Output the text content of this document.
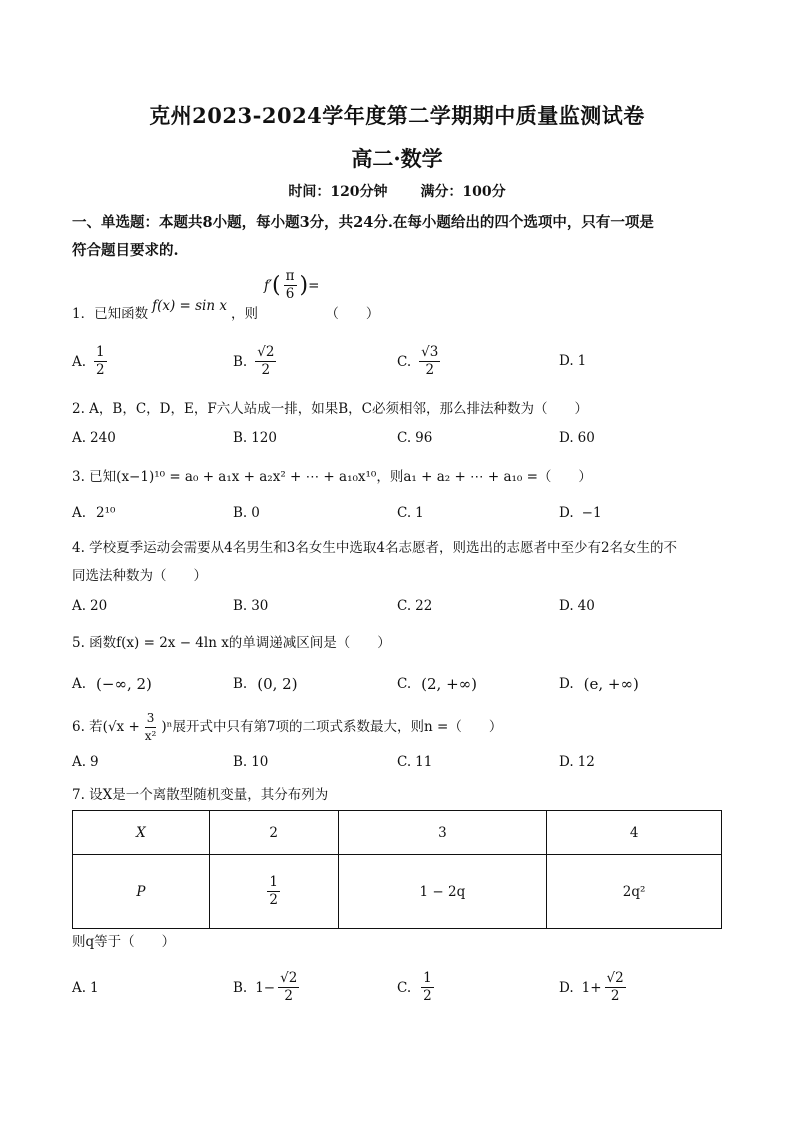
克州2023-2024学年度第二学期期中质量监测试卷
高二·数学
时间：120分钟 满分：100分
一、单选题：本题共8小题，每小题3分，共24分.在每小题给出的四个选项中，只有一项是
符合题目要求的.
1．已知函数 f(x) = sin x ，则
f′ ( $\frac{\pi}{6}$ ) =
（　　）
A. $\frac{1}{2}$	B. $\frac{√2}{2}$	C. $\frac{√3}{2}$	D. 1
2. A，B，C，D，E，F六人站成一排，如果B，C必须相邻，那么排法种数为（　　）
A. 240	B. 120	C. 96	D. 60
3. 已知(x−1)¹⁰ = a₀ + a₁x + a₂x² + ⋯ + a₁₀x¹⁰，则a₁ + a₂ + ⋯ + a₁₀ =（　　）
A. 2¹⁰	B. 0	C. 1	D. −1
4. 学校夏季运动会需要从4名男生和3名女生中选取4名志愿者，则选出的志愿者中至少有2名女生的不
同选法种数为（　　）
A. 20	B. 30	C. 22	D. 40
5. 函数f(x) = 2x − 4ln x的单调递减区间是（　　）
A. (−∞, 2)	B. (0, 2)	C. (2, +∞)	D. (e, +∞)
6. 若$(√x + \frac{3}{\text{x²}} )^n$展开式中只有第7项的二项式系数最大，则n =（　　）
A. 9	B. 10	C. 11	D. 12
7. 设X是一个离散型随机变量，其分布列为
X	2	3	4
P	$\frac{1}{2}$	1 − 2q	2q²
则q等于（　　）
A. 1	B. $1- \frac{√2}{2}$	C. $\frac{1}{2}$	D. $1+ \frac{√2}{2}$
